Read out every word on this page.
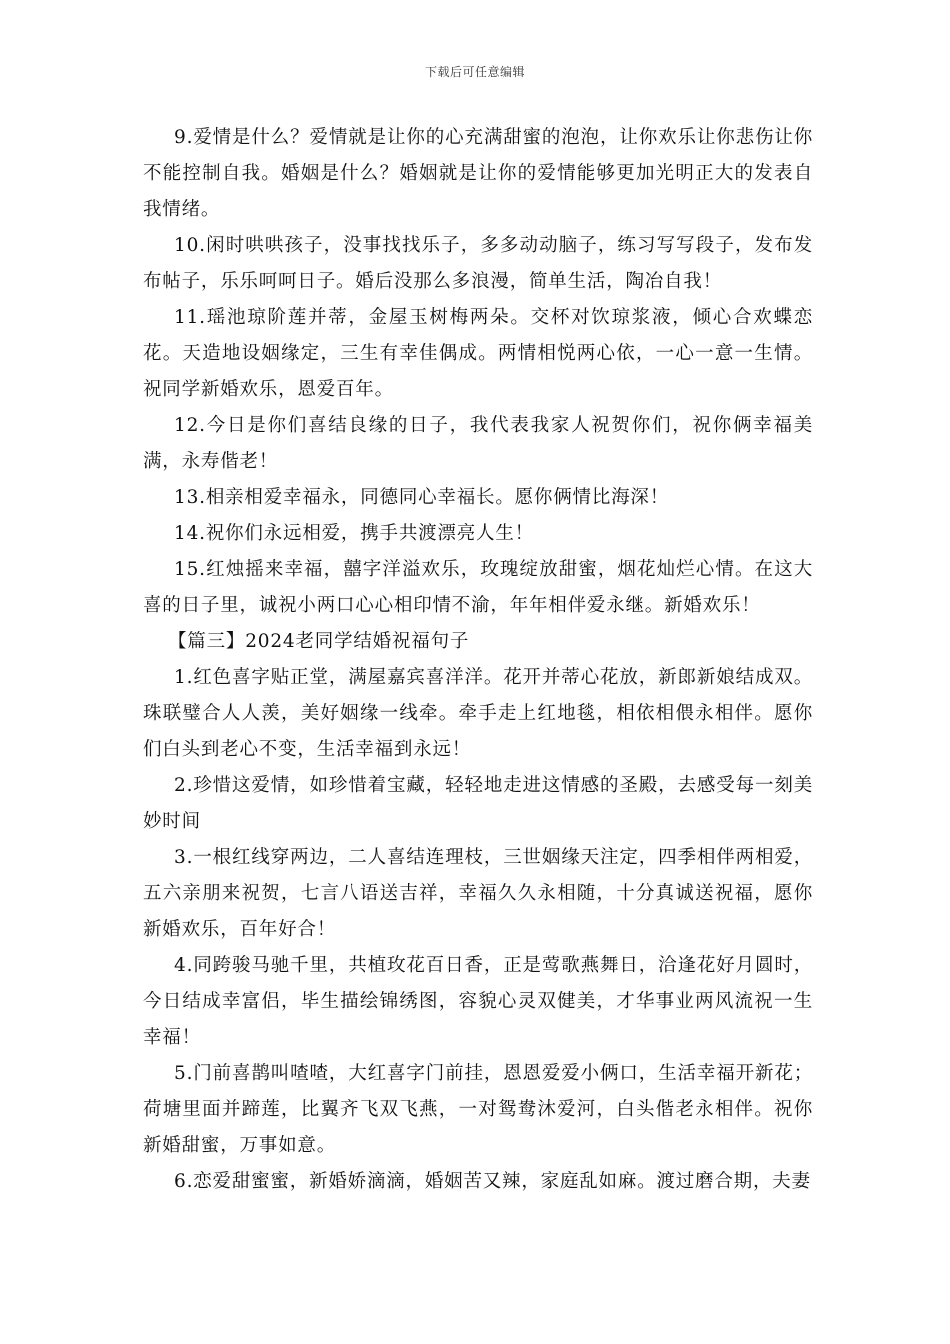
下载后可任意编辑

9.爱情是什么？爱情就是让你的心充满甜蜜的泡泡，让你欢乐让你悲伤让你不能控制自我。婚姻是什么？婚姻就是让你的爱情能够更加光明正大的发表自我情绪。

10.闲时哄哄孩子，没事找找乐子，多多动动脑子，练习写写段子，发布发布帖子，乐乐呵呵日子。婚后没那么多浪漫，简单生活，陶冶自我！

11.瑶池琼阶莲并蒂，金屋玉树梅两朵。交杯对饮琼浆液，倾心合欢蝶恋花。天造地设姻缘定，三生有幸佳偶成。两情相悦两心依，一心一意一生情。祝同学新婚欢乐，恩爱百年。

12.今日是你们喜结良缘的日子，我代表我家人祝贺你们，祝你俩幸福美满，永寿偕老！

13.相亲相爱幸福永，同德同心幸福长。愿你俩情比海深！

14.祝你们永远相爱，携手共渡漂亮人生！

15.红烛摇来幸福，囍字洋溢欢乐，玫瑰绽放甜蜜，烟花灿烂心情。在这大喜的日子里，诚祝小两口心心相印情不渝，年年相伴爱永继。新婚欢乐！

【篇三】2024老同学结婚祝福句子

1.红色喜字贴正堂，满屋嘉宾喜洋洋。花开并蒂心花放，新郎新娘结成双。珠联璧合人人羡，美好姻缘一线牵。牵手走上红地毯，相依相偎永相伴。愿你们白头到老心不变，生活幸福到永远！

2.珍惜这爱情，如珍惜着宝藏，轻轻地走进这情感的圣殿，去感受每一刻美妙时间

3.一根红线穿两边，二人喜结连理枝，三世姻缘天注定，四季相伴两相爱，五六亲朋来祝贺，七言八语送吉祥，幸福久久永相随，十分真诚送祝福，愿你新婚欢乐，百年好合！

4.同跨骏马驰千里，共植玫花百日香，正是莺歌燕舞日，洽逢花好月圆时，今日结成幸富侣，毕生描绘锦绣图，容貌心灵双健美，才华事业两风流祝一生幸福！

5.门前喜鹊叫喳喳，大红喜字门前挂，恩恩爱爱小俩口，生活幸福开新花；荷塘里面并蹄莲，比翼齐飞双飞燕，一对鸳鸯沐爱河，白头偕老永相伴。祝你新婚甜蜜，万事如意。

6.恋爱甜蜜蜜，新婚娇滴滴，婚姻苦又辣，家庭乱如麻。渡过磨合期，夫妻
